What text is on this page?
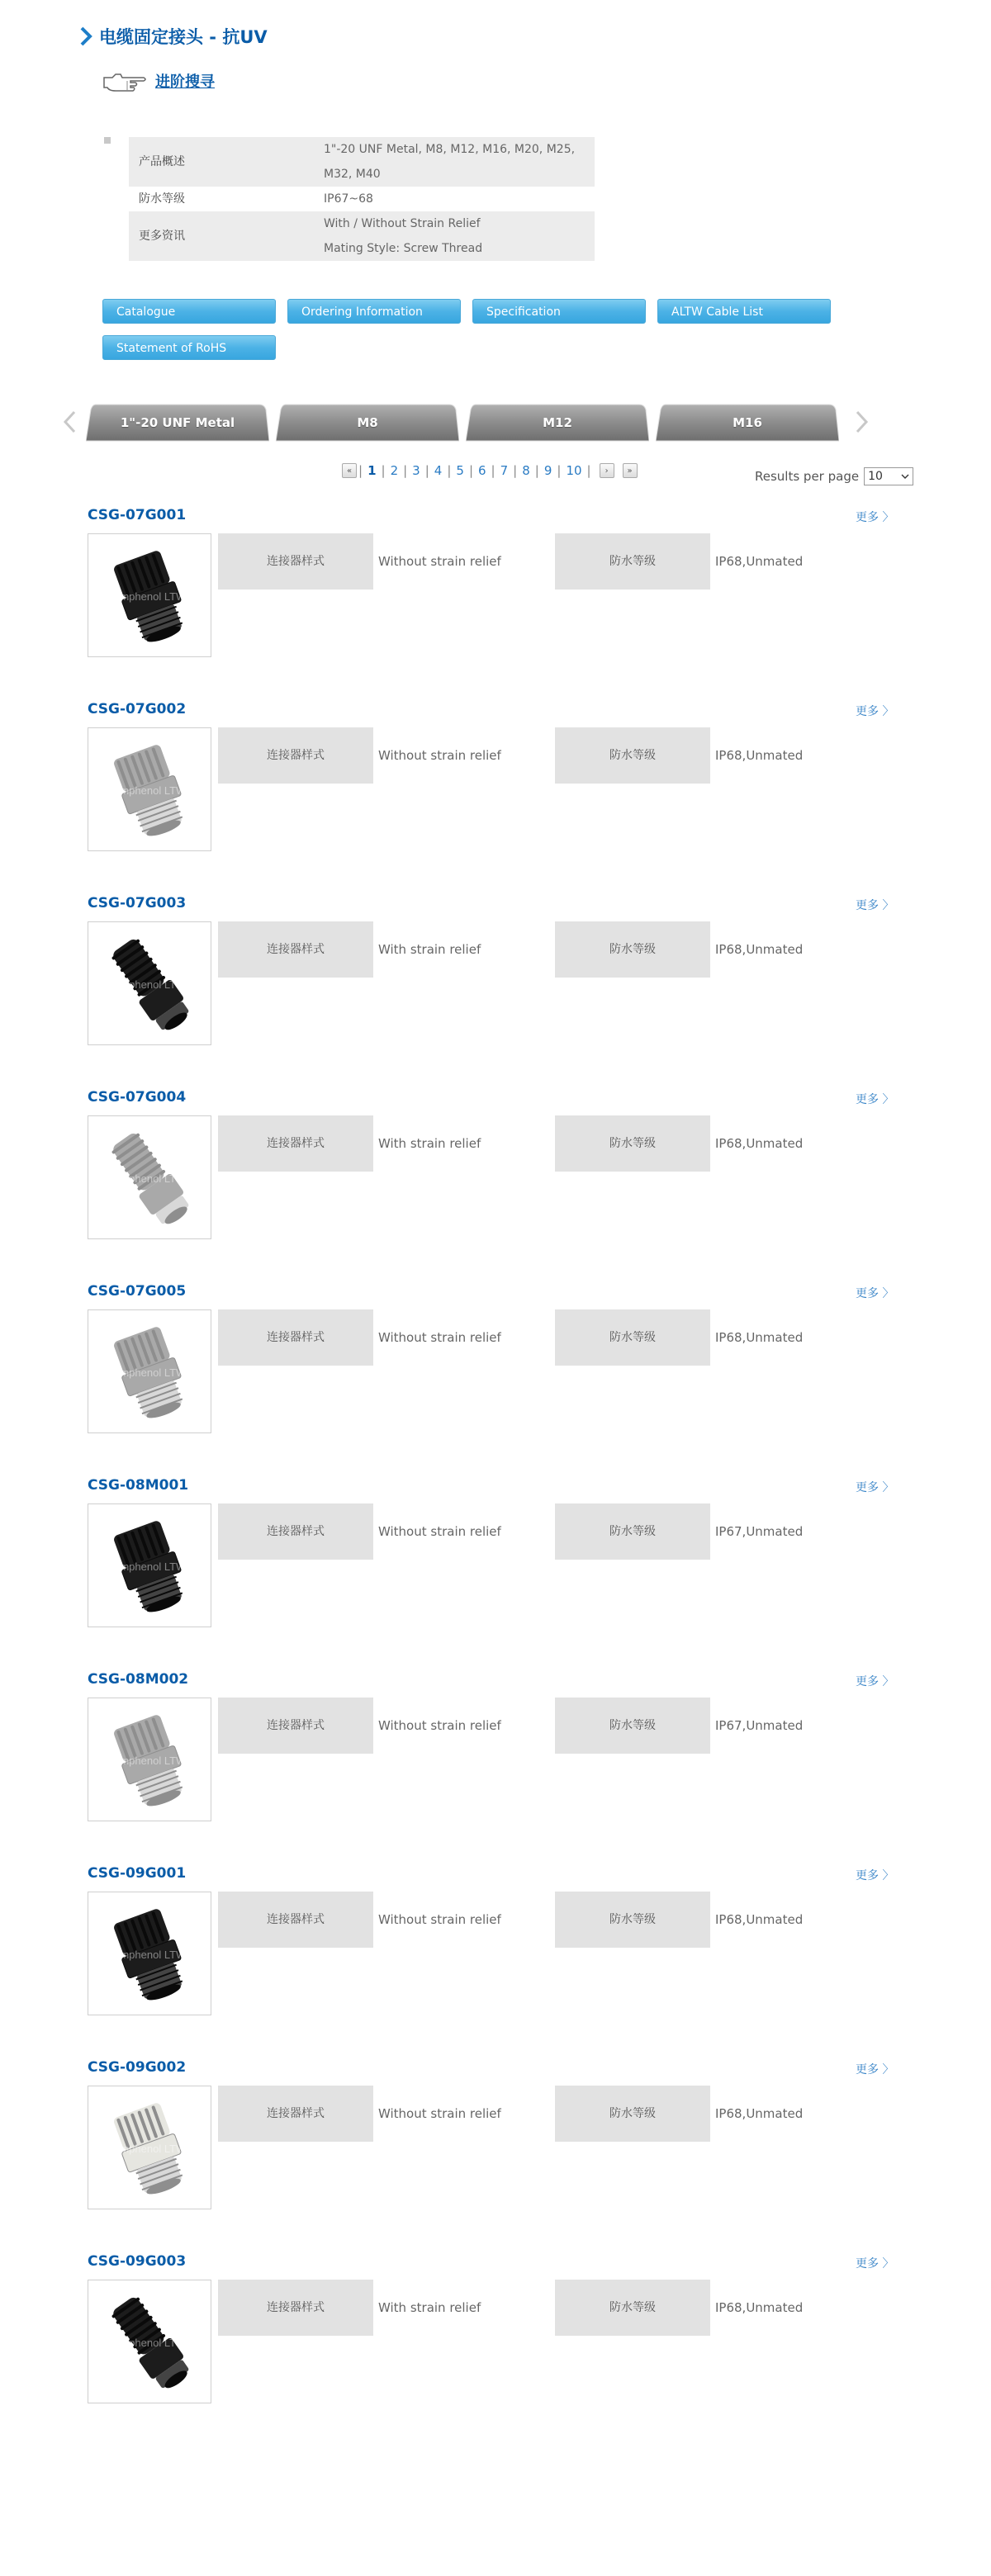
电缆固定接头 - 抗UV
进阶搜寻
产品概述	1"-20 UNF Metal, M8, M12, M16, M20, M25,
M32, M40

防水等级	IP67~68

更多资讯	With / Without Strain Relief
Mating Style: Screw Thread
Catalogue	Ordering Information	Specification	ALTW Cable List
Statement of RoHS
1"-20 UNF Metal	M8	M12	M16
« | 1 | 2 | 3 | 4 | 5 | 6 | 7 | 8 | 9 | 10 |	›	»	Results per page 10
CSG-07G001	更多 〉
Amphenol LTW
连接器样式	Without strain relief	防水等级	IP68,Unmated
CSG-07G002	更多 〉
Amphenol LTW
连接器样式	Without strain relief	防水等级	IP68,Unmated
CSG-07G003	更多 〉
Amphenol LTW
连接器样式	With strain relief	防水等级	IP68,Unmated
CSG-07G004	更多 〉
Amphenol LTW
连接器样式	With strain relief	防水等级	IP68,Unmated
CSG-07G005	更多 〉
Amphenol LTW
连接器样式	Without strain relief	防水等级	IP68,Unmated
CSG-08M001	更多 〉
Amphenol LTW
连接器样式	Without strain relief	防水等级	IP67,Unmated
CSG-08M002	更多 〉
Amphenol LTW
连接器样式	Without strain relief	防水等级	IP67,Unmated
CSG-09G001	更多 〉
Amphenol LTW
连接器样式	Without strain relief	防水等级	IP68,Unmated
CSG-09G002	更多 〉
Amphenol LTW
连接器样式	Without strain relief	防水等级	IP68,Unmated
CSG-09G003	更多 〉
Amphenol LTW
连接器样式	With strain relief	防水等级	IP68,Unmated
